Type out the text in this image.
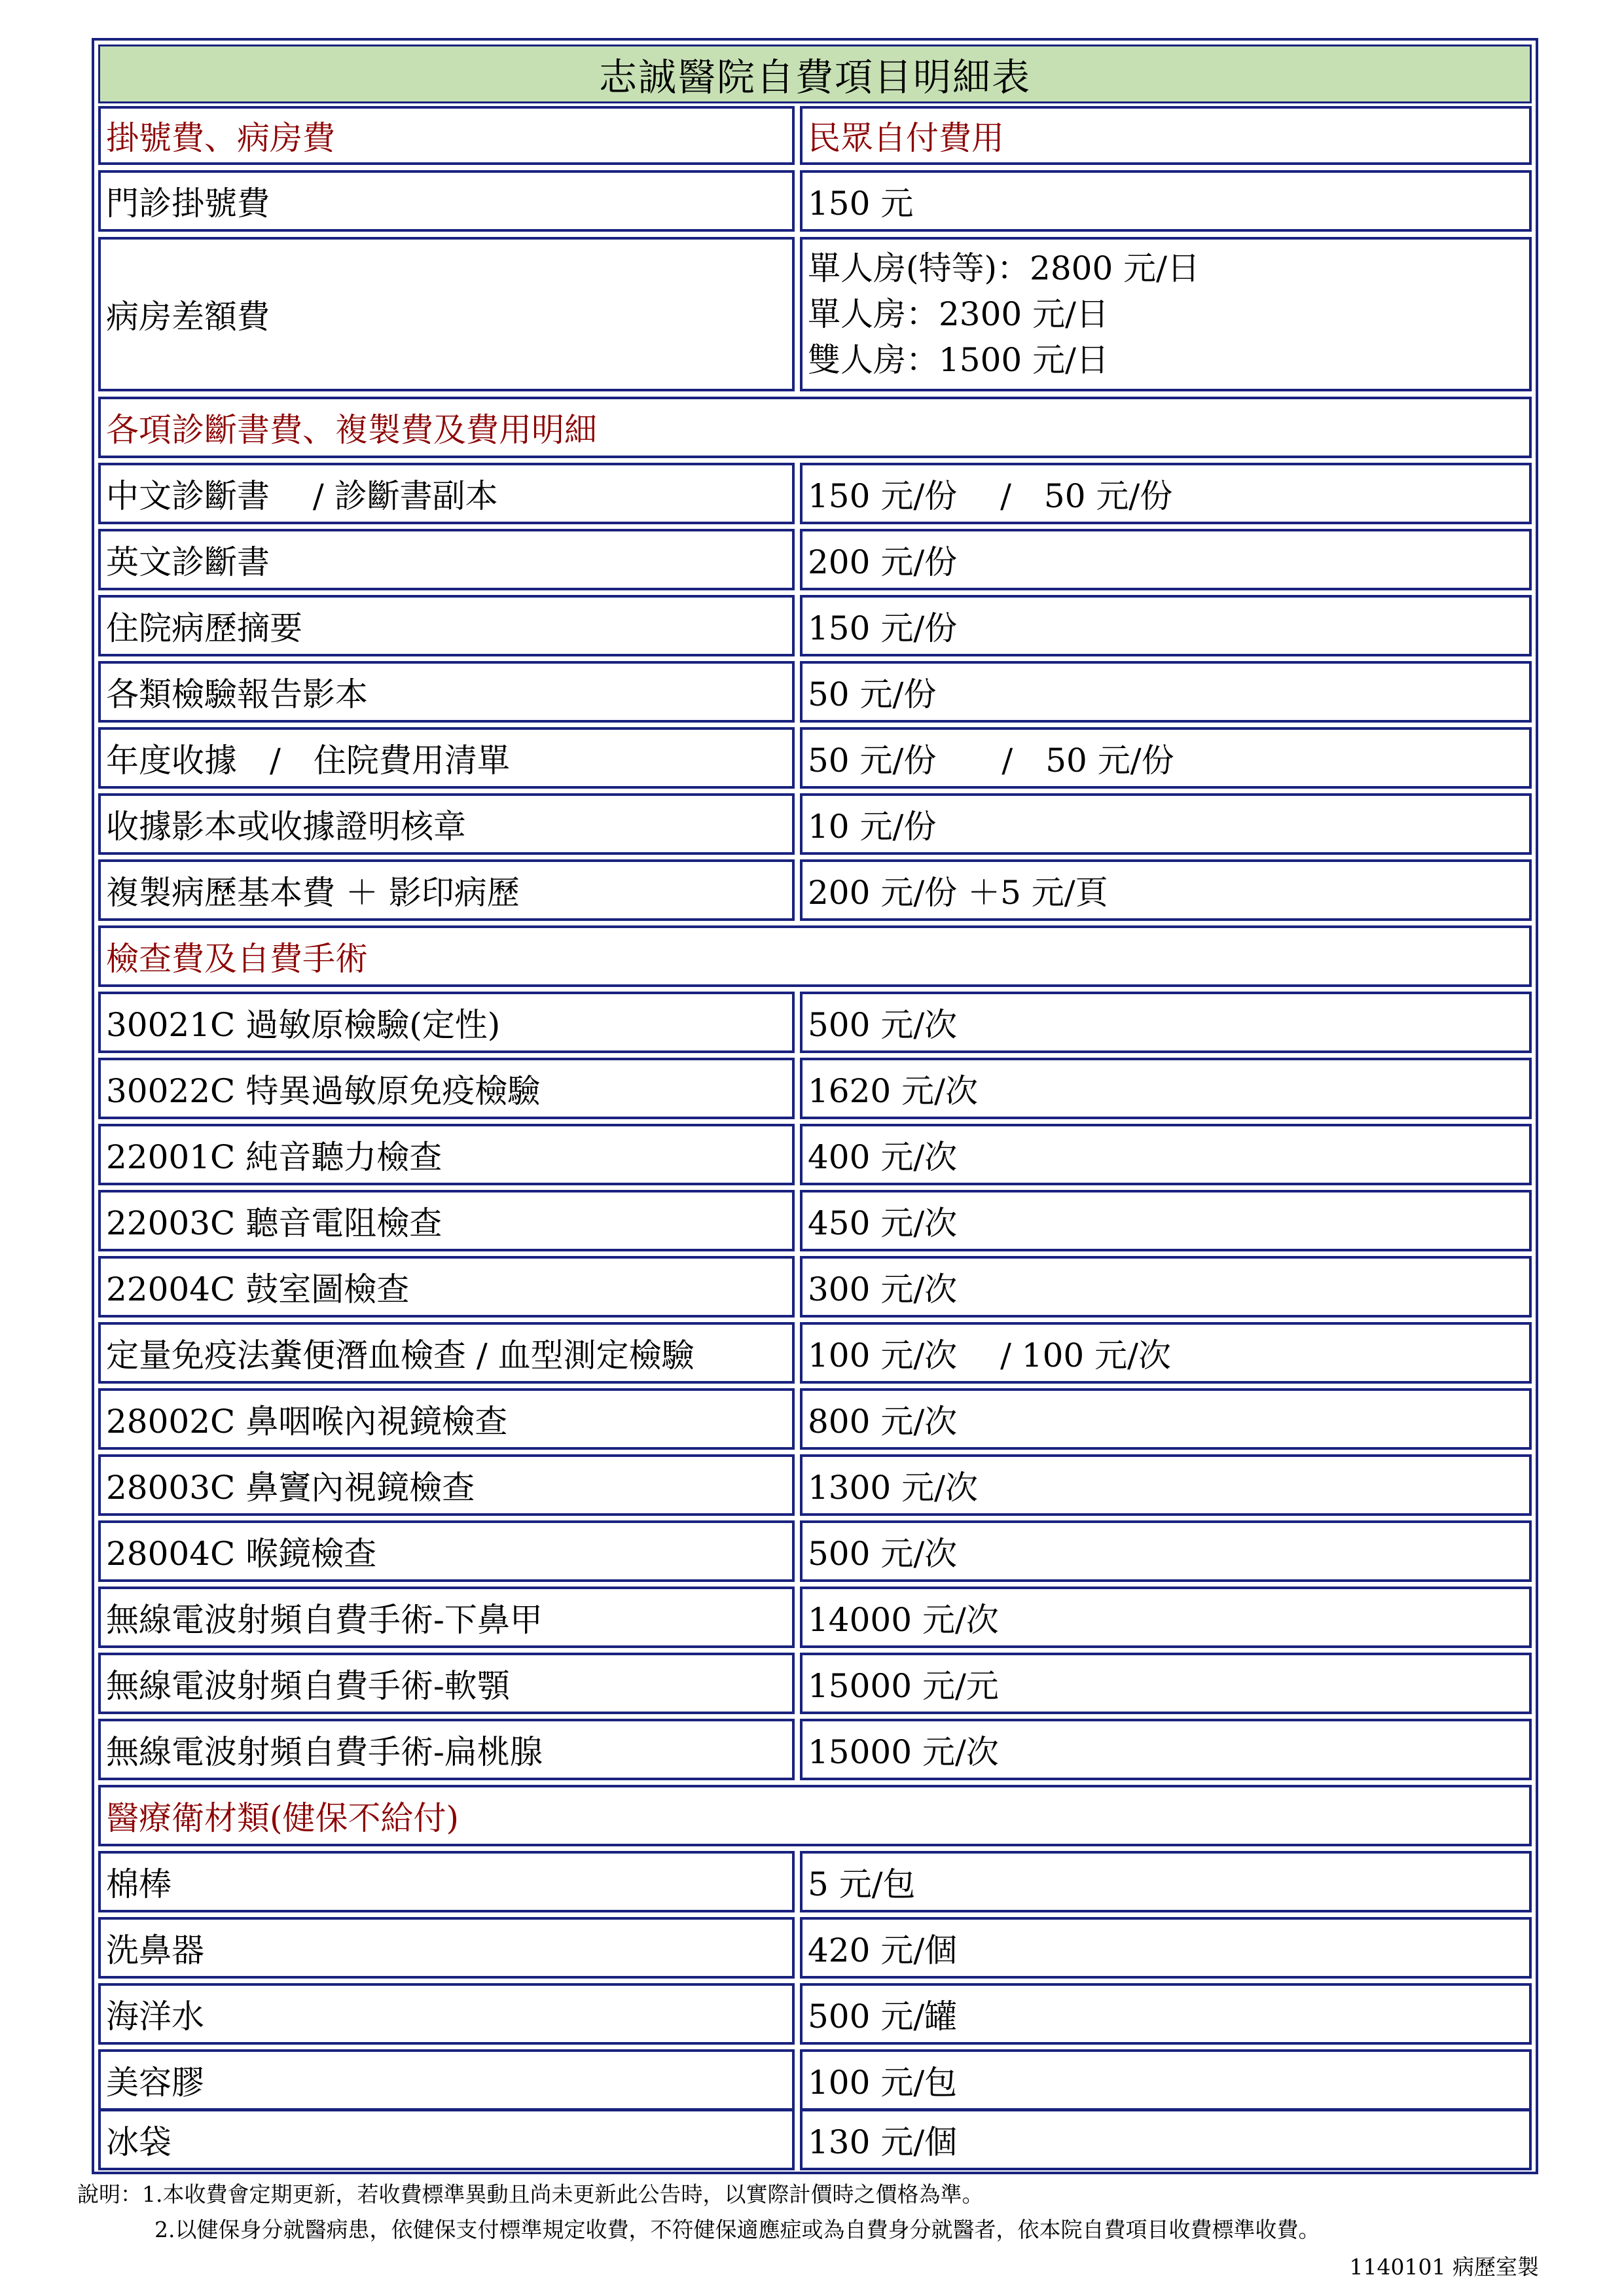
志誠醫院自費項目明細表
掛號費、病房費	民眾自付費用
門診掛號費	150 元
病房差額費
單人房(特等)：2800 元/日
單人房：2300 元/日
雙人房：1500 元/日
各項診斷書費、複製費及費用明細
中文診斷書 　/ 診斷書副本	150 元/份　 /　50 元/份
英文診斷書	200 元/份
住院病歷摘要	150 元/份
各類檢驗報告影本	50 元/份
年度收據　/　住院費用清單	50 元/份　　/　50 元/份
收據影本或收據證明核章	10 元/份
複製病歷基本費 ＋ 影印病歷	200 元/份 ＋5 元/頁
檢查費及自費手術
30021C 過敏原檢驗(定性)	500 元/次
30022C 特異過敏原免疫檢驗	1620 元/次
22001C 純音聽力檢查	400 元/次
22003C 聽音電阻檢查	450 元/次
22004C 鼓室圖檢查	300 元/次
定量免疫法糞便潛血檢查 / 血型測定檢驗	100 元/次　 / 100 元/次
28002C 鼻咽喉內視鏡檢查	800 元/次
28003C 鼻竇內視鏡檢查	1300 元/次
28004C 喉鏡檢查	500 元/次
無線電波射頻自費手術-下鼻甲	14000 元/次
無線電波射頻自費手術-軟顎	15000 元/元
無線電波射頻自費手術-扁桃腺	15000 元/次
醫療衛材類(健保不給付)
棉棒	5 元/包
洗鼻器	420 元/個
海洋水	500 元/罐
美容膠	100 元/包
冰袋	130 元/個
說明：1.本收費會定期更新，若收費標準異動且尚未更新此公告時，以實際計價時之價格為準。
2.以健保身分就醫病患，依健保支付標準規定收費，不符健保適應症或為自費身分就醫者，依本院自費項目收費標準收費。
1140101 病歷室製
